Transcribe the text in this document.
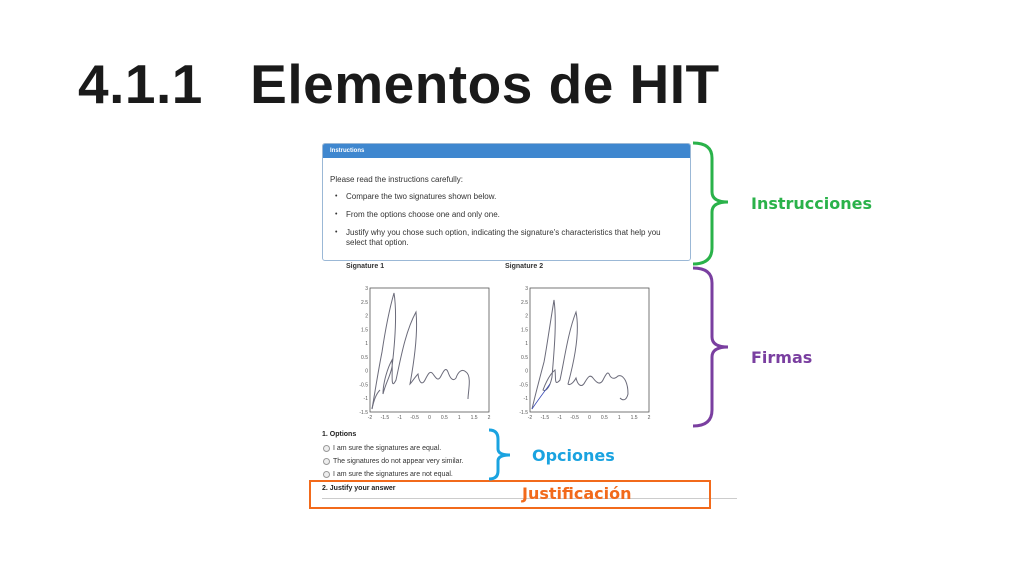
4.1.1   Elementos de HIT
Instructions
Please read the instructions carefully:
• Compare the two signatures shown below.
• From the options choose one and only one.
• Justify why you chose such option, indicating the signature's characteristics that help you select that option.
Signature 1	Signature 2
3
2.5
2
1.5
1
0.5
0
-0.5
-1
-1.5
-2 -1.5 -1 -0.5 0 0.5 1 1.5 2
3
2.5
2
1.5
1
0.5
0
-0.5
-1
-1.5
-2 -1.5 -1 -0.5 0 0.5 1 1.5 2
1. Options
I am sure the signatures are equal.
The signatures do not appear very similar.
I am sure the signatures are not equal.
2. Justify your answer
Instrucciones
Firmas
Opciones
Justificación
